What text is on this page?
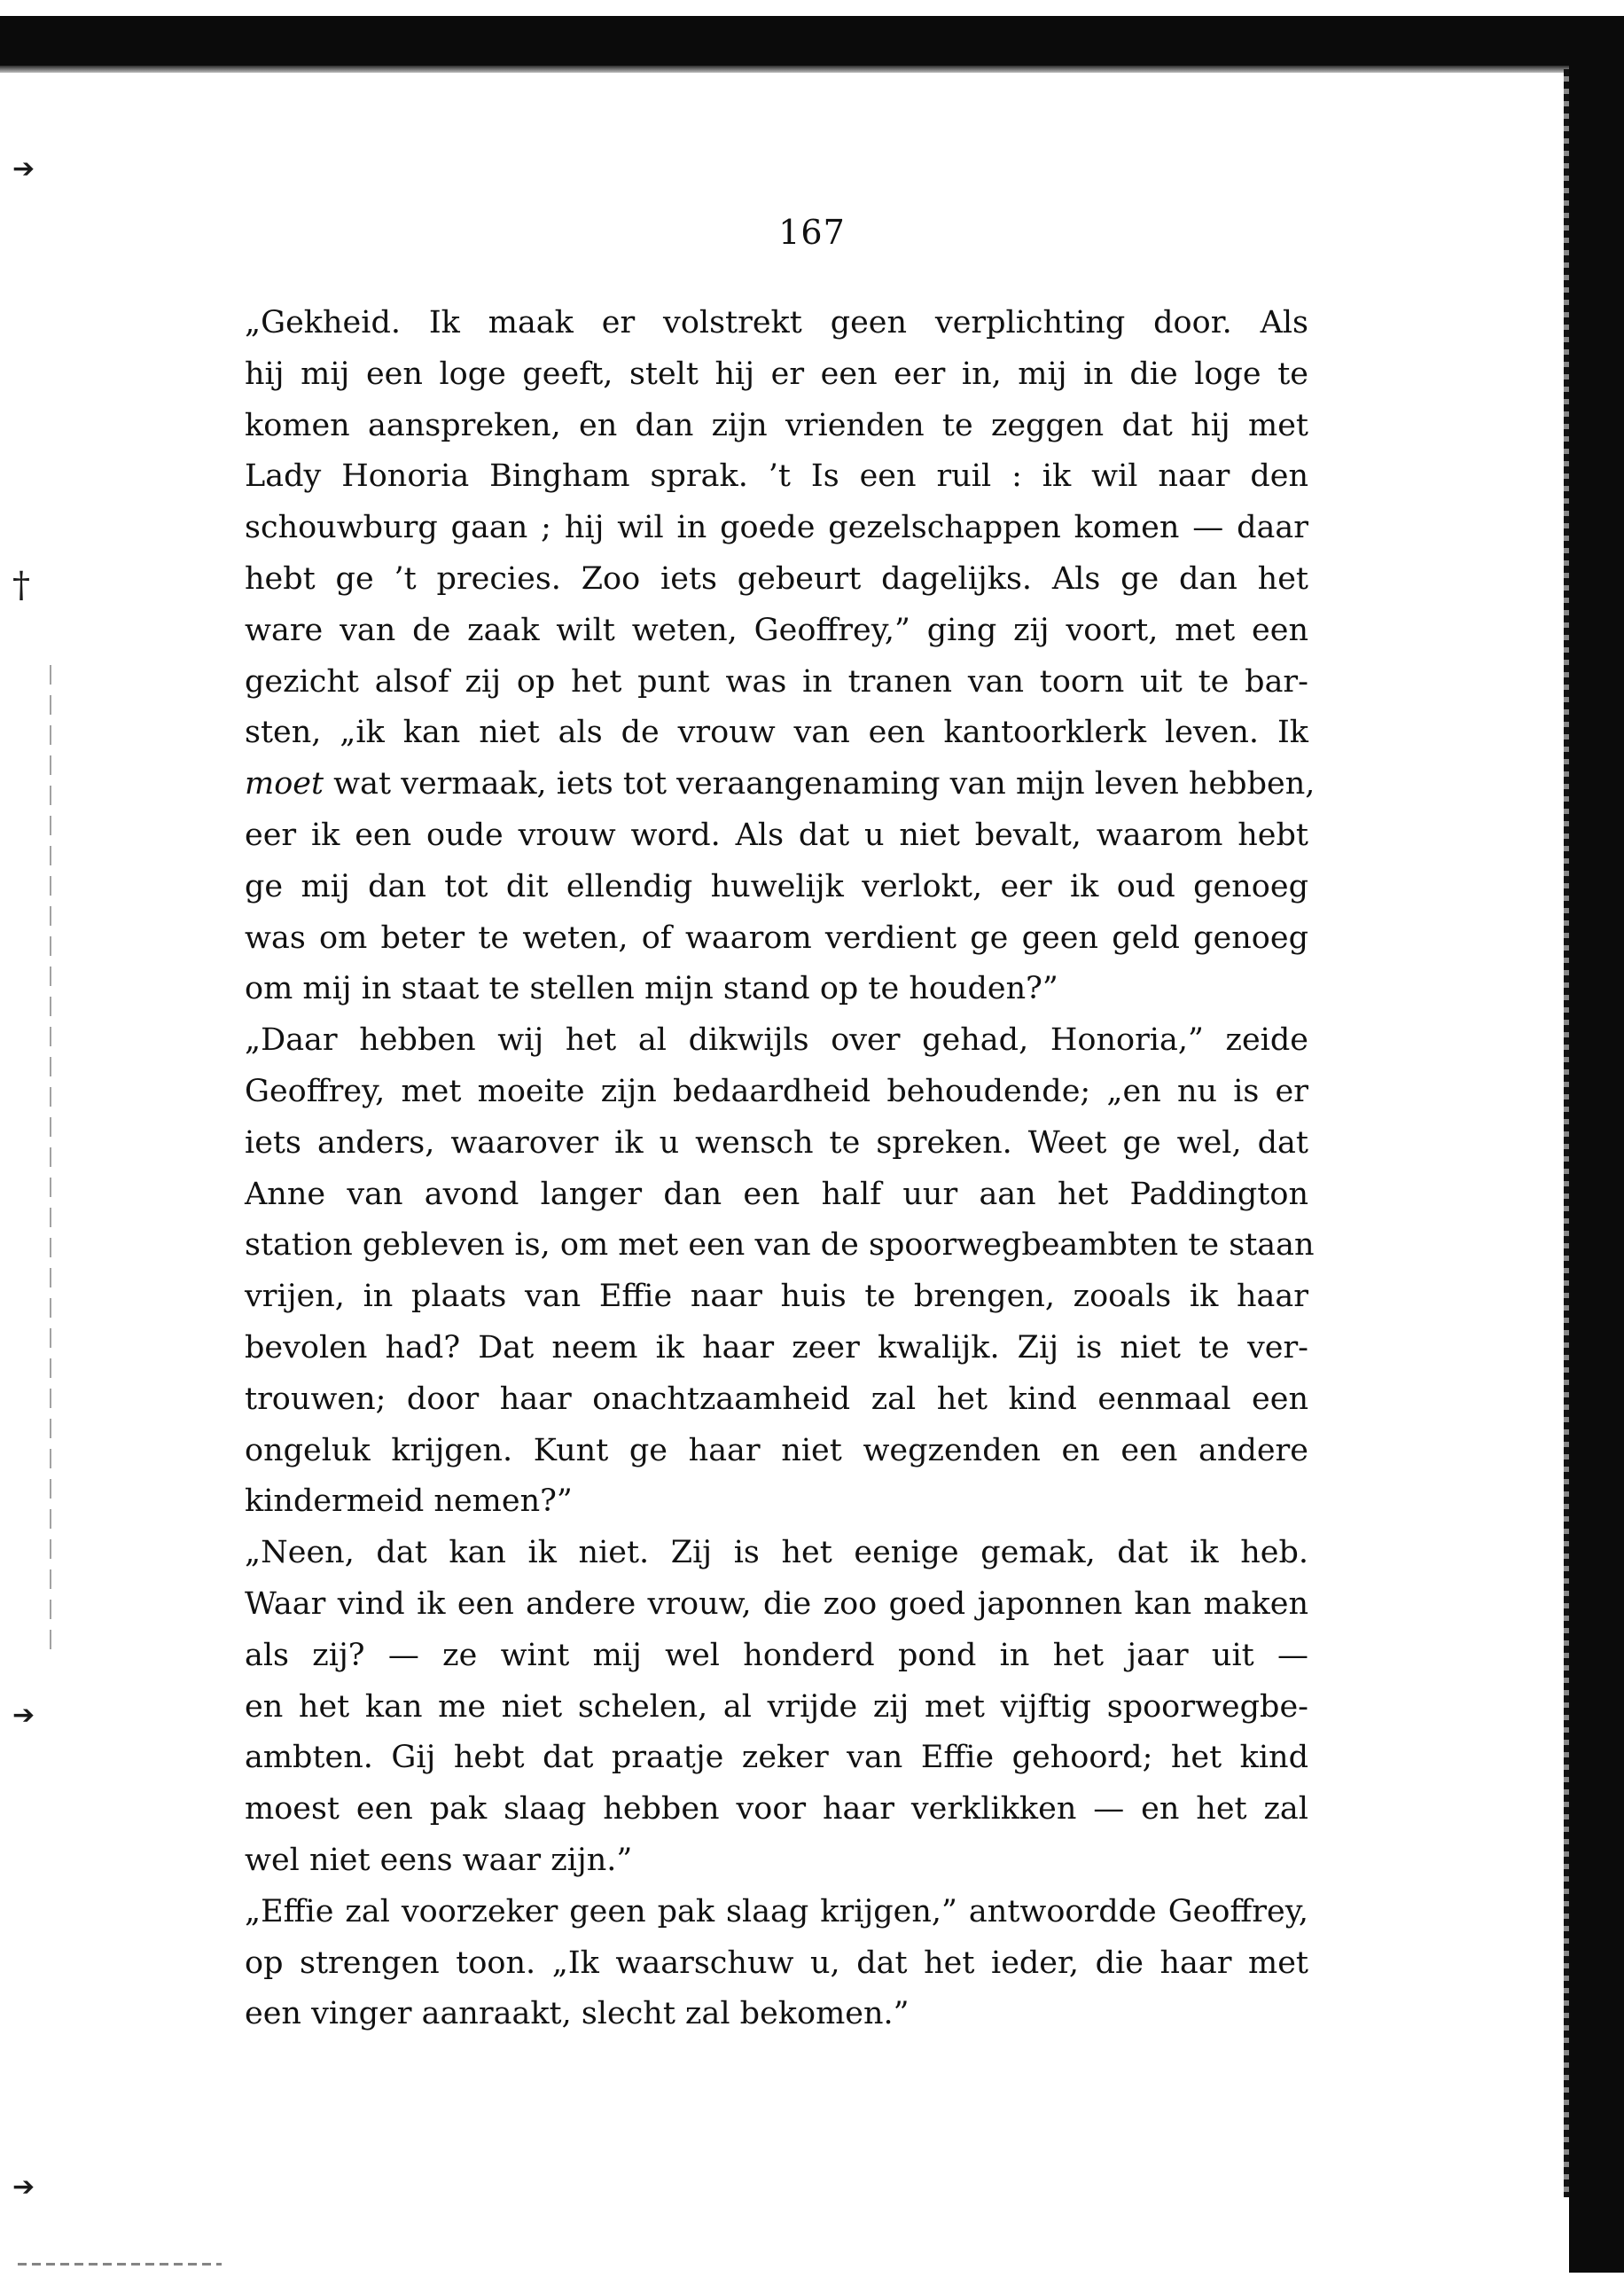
➔
†
➔
➔
167
„Gekheid. Ik maak er volstrekt geen verplichting door. Als
hij mij een loge geeft, stelt hij er een eer in, mij in die loge te
komen aanspreken, en dan zijn vrienden te zeggen dat hij met
Lady Honoria Bingham sprak. ’t Is een ruil : ik wil naar den
schouwburg gaan ; hij wil in goede gezelschappen komen — daar
hebt ge ’t precies. Zoo iets gebeurt dagelijks. Als ge dan het
ware van de zaak wilt weten, Geoffrey,” ging zij voort, met een
gezicht alsof zij op het punt was in tranen van toorn uit te bar-
sten, „ik kan niet als de vrouw van een kantoorklerk leven. Ik
moet wat vermaak, iets tot veraangenaming van mijn leven hebben,
eer ik een oude vrouw word. Als dat u niet bevalt, waarom hebt
ge mij dan tot dit ellendig huwelijk verlokt, eer ik oud genoeg
was om beter te weten, of waarom verdient ge geen geld genoeg
om mij in staat te stellen mijn stand op te houden?”
„Daar hebben wij het al dikwijls over gehad, Honoria,” zeide
Geoffrey, met moeite zijn bedaardheid behoudende; „en nu is er
iets anders, waarover ik u wensch te spreken. Weet ge wel, dat
Anne van avond langer dan een half uur aan het Paddington
station gebleven is, om met een van de spoorwegbeambten te staan
vrijen, in plaats van Effie naar huis te brengen, zooals ik haar
bevolen had? Dat neem ik haar zeer kwalijk. Zij is niet te ver-
trouwen; door haar onachtzaamheid zal het kind eenmaal een
ongeluk krijgen. Kunt ge haar niet wegzenden en een andere
kindermeid nemen?”
„Neen, dat kan ik niet. Zij is het eenige gemak, dat ik heb.
Waar vind ik een andere vrouw, die zoo goed japonnen kan maken
als zij? — ze wint mij wel honderd pond in het jaar uit —
en het kan me niet schelen, al vrijde zij met vijftig spoorwegbe-
ambten. Gij hebt dat praatje zeker van Effie gehoord; het kind
moest een pak slaag hebben voor haar verklikken — en het zal
wel niet eens waar zijn.”
„Effie zal voorzeker geen pak slaag krijgen,” antwoordde Geoffrey,
op strengen toon. „Ik waarschuw u, dat het ieder, die haar met
een vinger aanraakt, slecht zal bekomen.”
